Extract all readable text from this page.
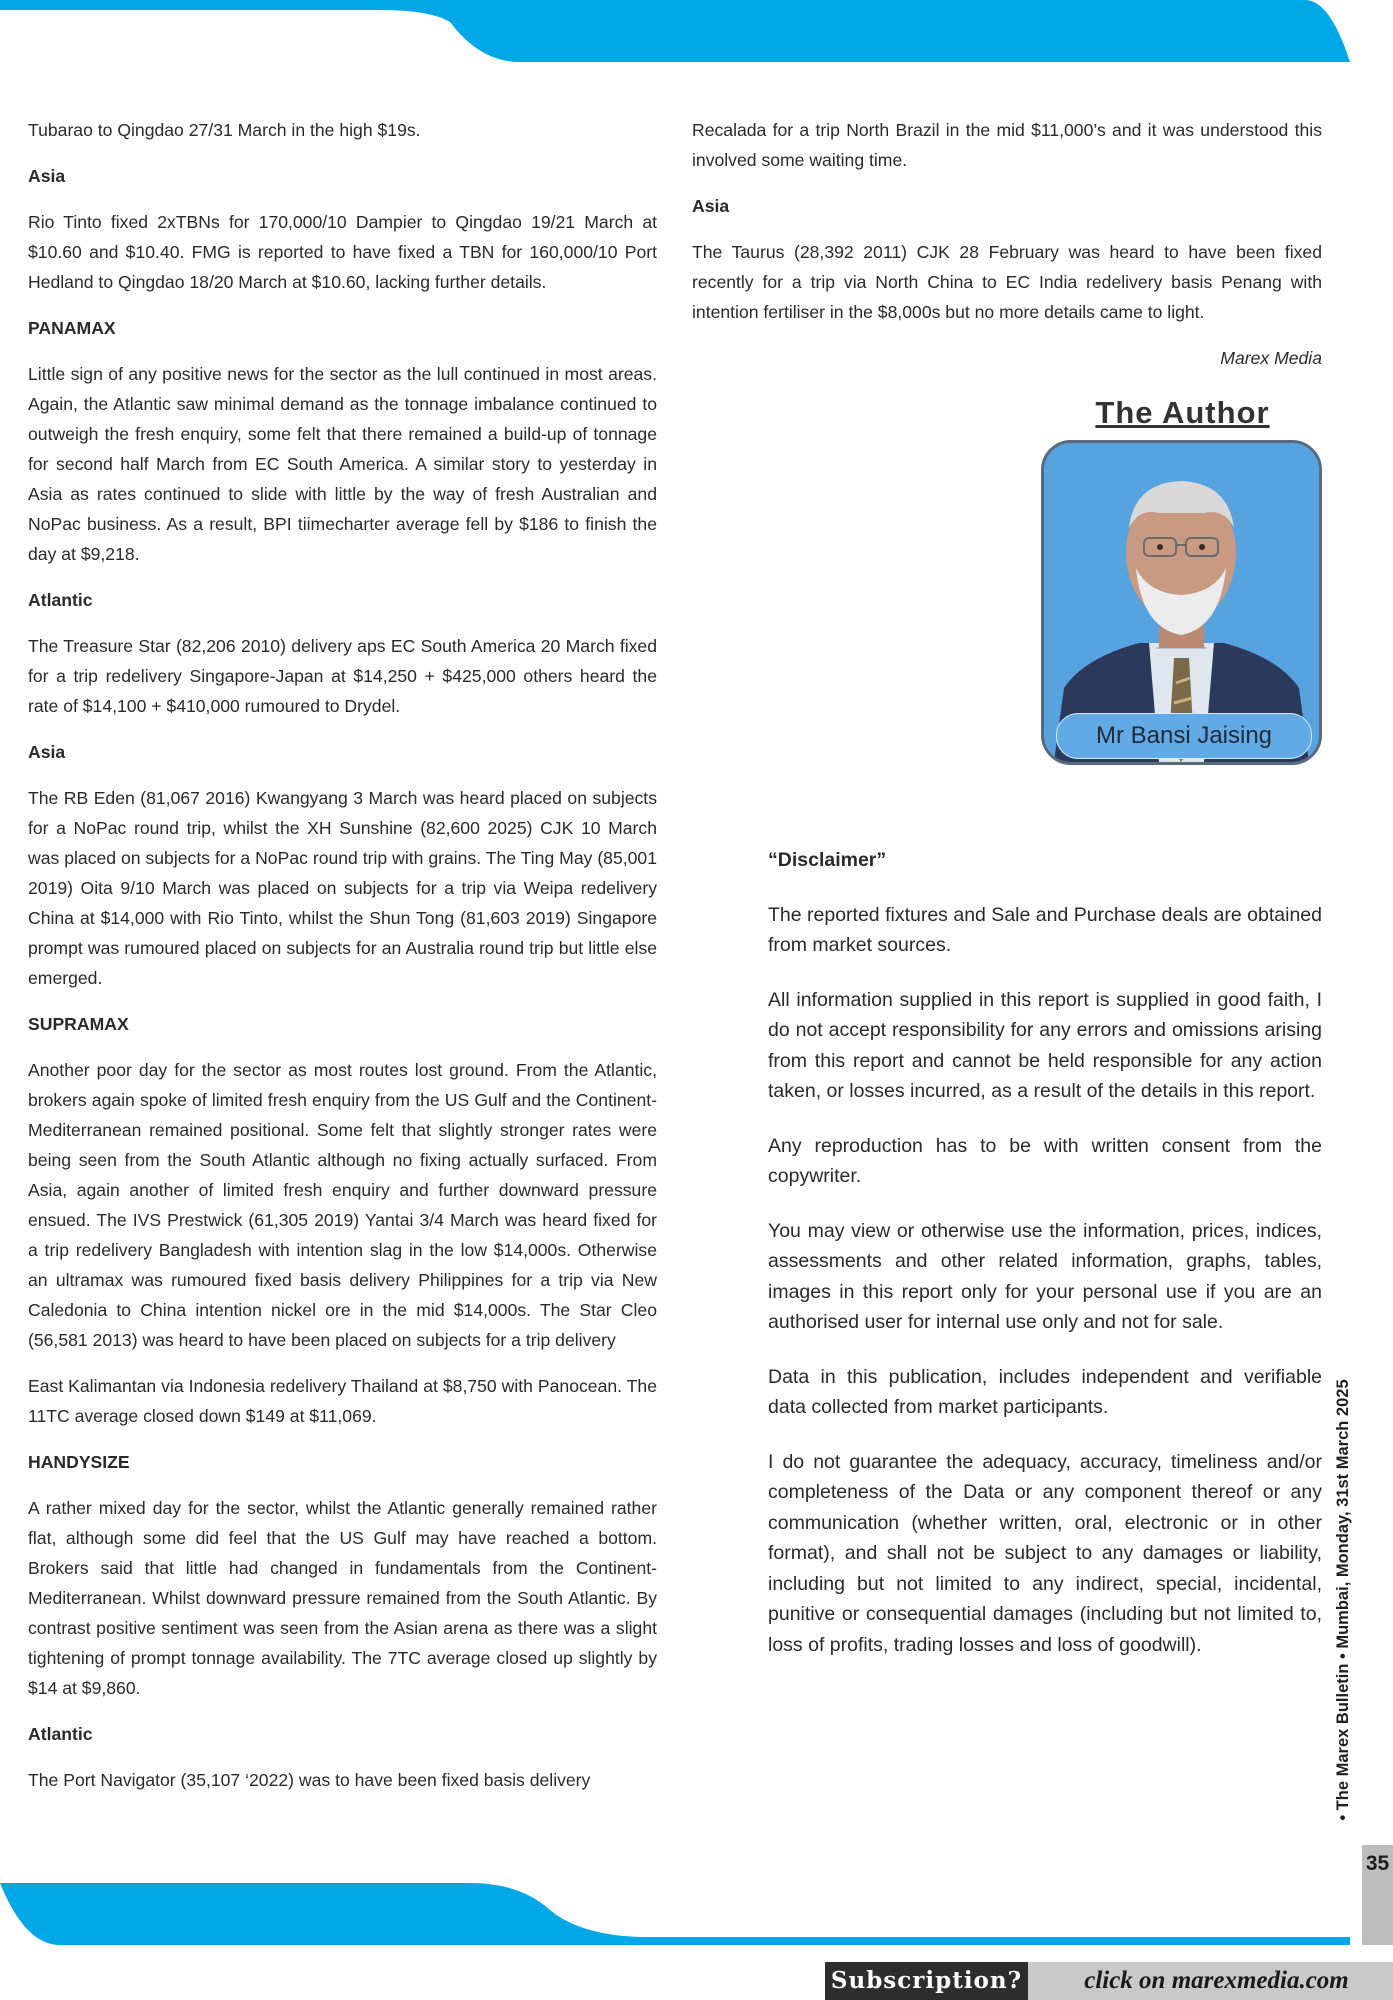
Tubarao to Qingdao 27/31 March in the high $19s.

Asia

Rio Tinto fixed 2xTBNs for 170,000/10 Dampier to Qingdao 19/21 March at $10.60 and $10.40. FMG is reported to have fixed a TBN for 160,000/10 Port Hedland to Qingdao 18/20 March at $10.60, lacking further details.

PANAMAX

Little sign of any positive news for the sector as the lull continued in most areas. Again, the Atlantic saw minimal demand as the tonnage imbalance continued to outweigh the fresh enquiry, some felt that there remained a build-up of tonnage for second half March from EC South America. A similar story to yesterday in Asia as rates continued to slide with little by the way of fresh Australian and NoPac business. As a result, BPI tiimecharter average fell by $186 to finish the day at $9,218.

Atlantic

The Treasure Star (82,206 2010) delivery aps EC South America 20 March fixed for a trip redelivery Singapore-Japan at $14,250 + $425,000 others heard the rate of $14,100 + $410,000 rumoured to Drydel.

Asia

The RB Eden (81,067 2016) Kwangyang 3 March was heard placed on subjects for a NoPac round trip, whilst the XH Sunshine (82,600 2025) CJK 10 March was placed on subjects for a NoPac round trip with grains. The Ting May (85,001 2019) Oita 9/10 March was placed on subjects for a trip via Weipa redelivery China at $14,000 with Rio Tinto, whilst the Shun Tong (81,603 2019) Singapore prompt was rumoured placed on subjects for an Australia round trip but little else emerged.

SUPRAMAX

Another poor day for the sector as most routes lost ground. From the Atlantic, brokers again spoke of limited fresh enquiry from the US Gulf and the Continent-Mediterranean remained positional. Some felt that slightly stronger rates were being seen from the South Atlantic although no fixing actually surfaced. From Asia, again another of limited fresh enquiry and further downward pressure ensued. The IVS Prestwick (61,305 2019) Yantai 3/4 March was heard fixed for a trip redelivery Bangladesh with intention slag in the low $14,000s. Otherwise an ultramax was rumoured fixed basis delivery Philippines for a trip via New Caledonia to China intention nickel ore in the mid $14,000s. The Star Cleo (56,581 2013) was heard to have been placed on subjects for a trip delivery

East Kalimantan via Indonesia redelivery Thailand at $8,750 with Panocean. The 11TC average closed down $149 at $11,069.

HANDYSIZE

A rather mixed day for the sector, whilst the Atlantic generally remained rather flat, although some did feel that the US Gulf may have reached a bottom. Brokers said that little had changed in fundamentals from the Continent-Mediterranean. Whilst downward pressure remained from the South Atlantic. By contrast positive sentiment was seen from the Asian arena as there was a slight tightening of prompt tonnage availability. The 7TC average closed up slightly by $14 at $9,860.

Atlantic

The Port Navigator (35,107 ‘2022) was to have been fixed basis delivery

Recalada for a trip North Brazil in the mid $11,000’s and it was understood this involved some waiting time.

Asia

The Taurus (28,392 2011) CJK 28 February was heard to have been fixed recently for a trip via North China to EC India redelivery basis Penang with intention fertiliser in the $8,000s but no more details came to light.

Marex Media

The Author
Mr Bansi Jaising
“Disclaimer”

The reported fixtures and Sale and Purchase deals are obtained from market sources.

All information supplied in this report is supplied in good faith, I do not accept responsibility for any errors and omissions arising from this report and cannot be held responsible for any action taken, or losses incurred, as a result of the details in this report.

Any reproduction has to be with written consent from the copywriter.

You may view or otherwise use the information, prices, indices, assessments and other related information, graphs, tables, images in this report only for your personal use if you are an authorised user for internal use only and not for sale.

Data in this publication, includes independent and verifiable data collected from market participants.

I do not guarantee the adequacy, accuracy, timeliness and/or completeness of the Data or any component thereof or any communication (whether written, oral, electronic or in other format), and shall not be subject to any damages or liability, including but not limited to any indirect, special, incidental, punitive or consequential damages (including but not limited to, loss of profits, trading losses and loss of goodwill).	• The Marex Bulletin • Mumbai, Monday, 31st March 2025
35
Subscription?	click on marexmedia.com
